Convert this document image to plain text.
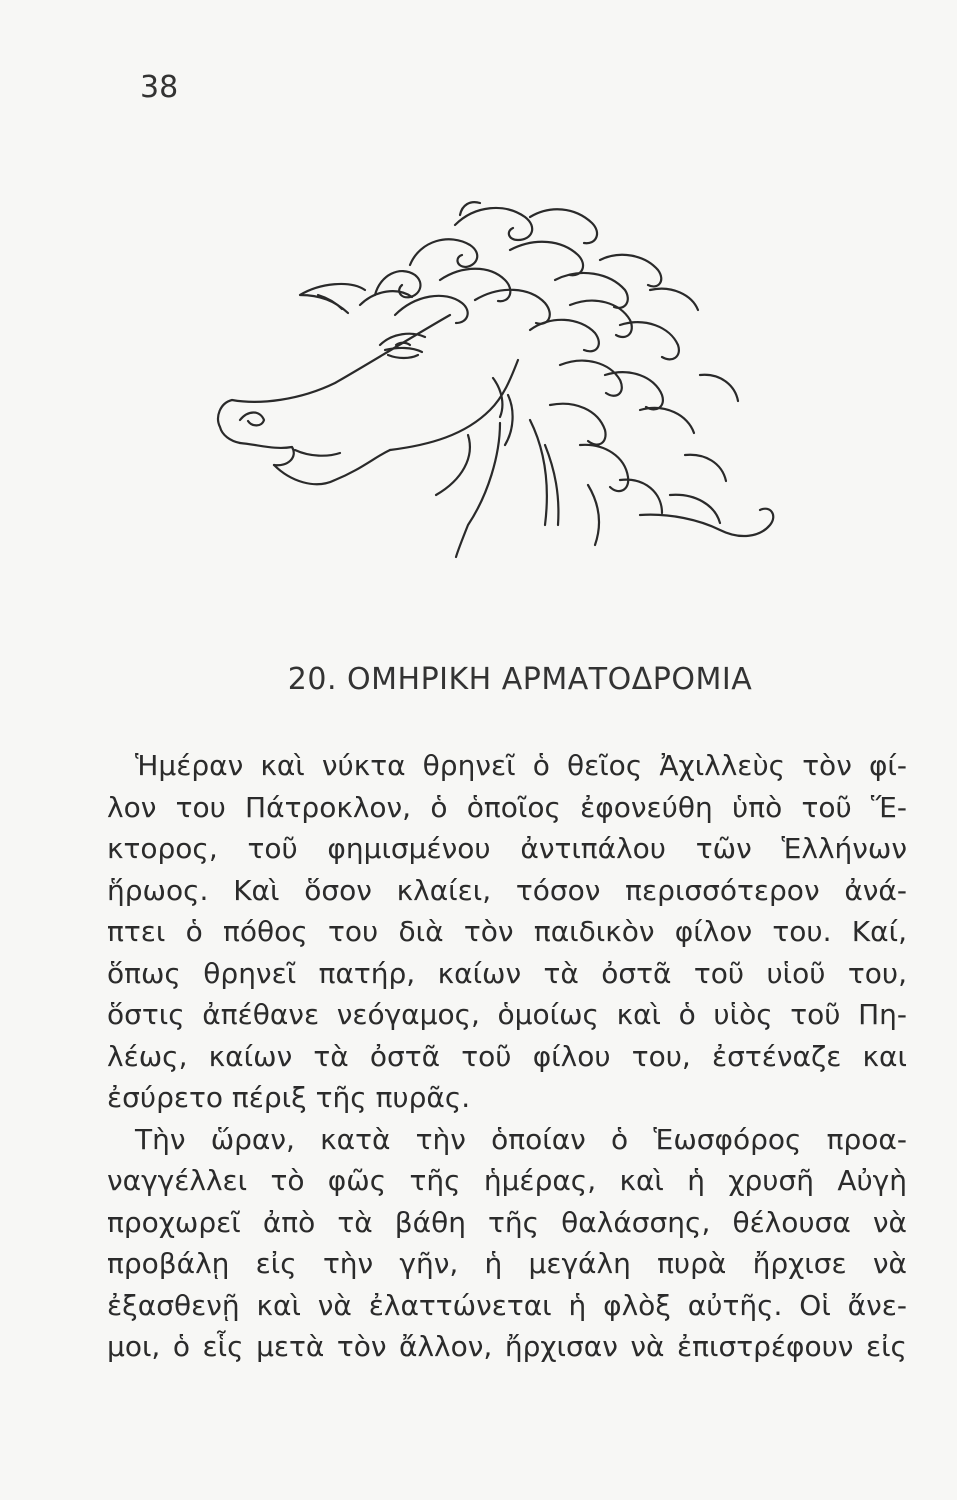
38
20. ΟΜΗΡΙΚΗ ΑΡΜΑΤΟΔΡΟΜΙΑ
Ἡμέραν καὶ νύκτα θρηνεῖ ὁ θεῖος Ἀχιλλεὺς τὸν φί-
λον του Πάτροκλον, ὁ ὁποῖος ἐφονεύθη ὑπὸ τοῦ Ἕ-
κτορος, τοῦ φημισμένου ἀντιπάλου τῶν Ἑλλήνων
ἥρωος. Καὶ ὅσον κλαίει, τόσον περισσότερον ἀνά-
πτει ὁ πόθος του διὰ τὸν παιδικὸν φίλον του. Καί,
ὅπως θρηνεῖ πατήρ, καίων τὰ ὀστᾶ τοῦ υἱοῦ του,
ὅστις ἀπέθανε νεόγαμος, ὁμοίως καὶ ὁ υἱὸς τοῦ Πη-
λέως, καίων τὰ ὀστᾶ τοῦ φίλου του, ἐστέναζε και
ἐσύρετο πέριξ τῆς πυρᾶς.
Τὴν ὥραν, κατὰ τὴν ὁποίαν ὁ Ἑωσφόρος προα-
ναγγέλλει τὸ φῶς τῆς ἡμέρας, καὶ ἡ χρυσῆ Αὐγὴ
προχωρεῖ ἀπὸ τὰ βάθη τῆς θαλάσσης, θέλουσα νὰ
προβάλῃ εἰς τὴν γῆν, ἡ μεγάλη πυρὰ ἤρχισε νὰ
ἐξασθενῇ καὶ νὰ ἐλαττώνεται ἡ φλὸξ αὐτῆς. Οἱ ἄνε-
μοι, ὁ εἷς μετὰ τὸν ἄλλον, ἤρχισαν νὰ ἐπιστρέφουν εἰς
